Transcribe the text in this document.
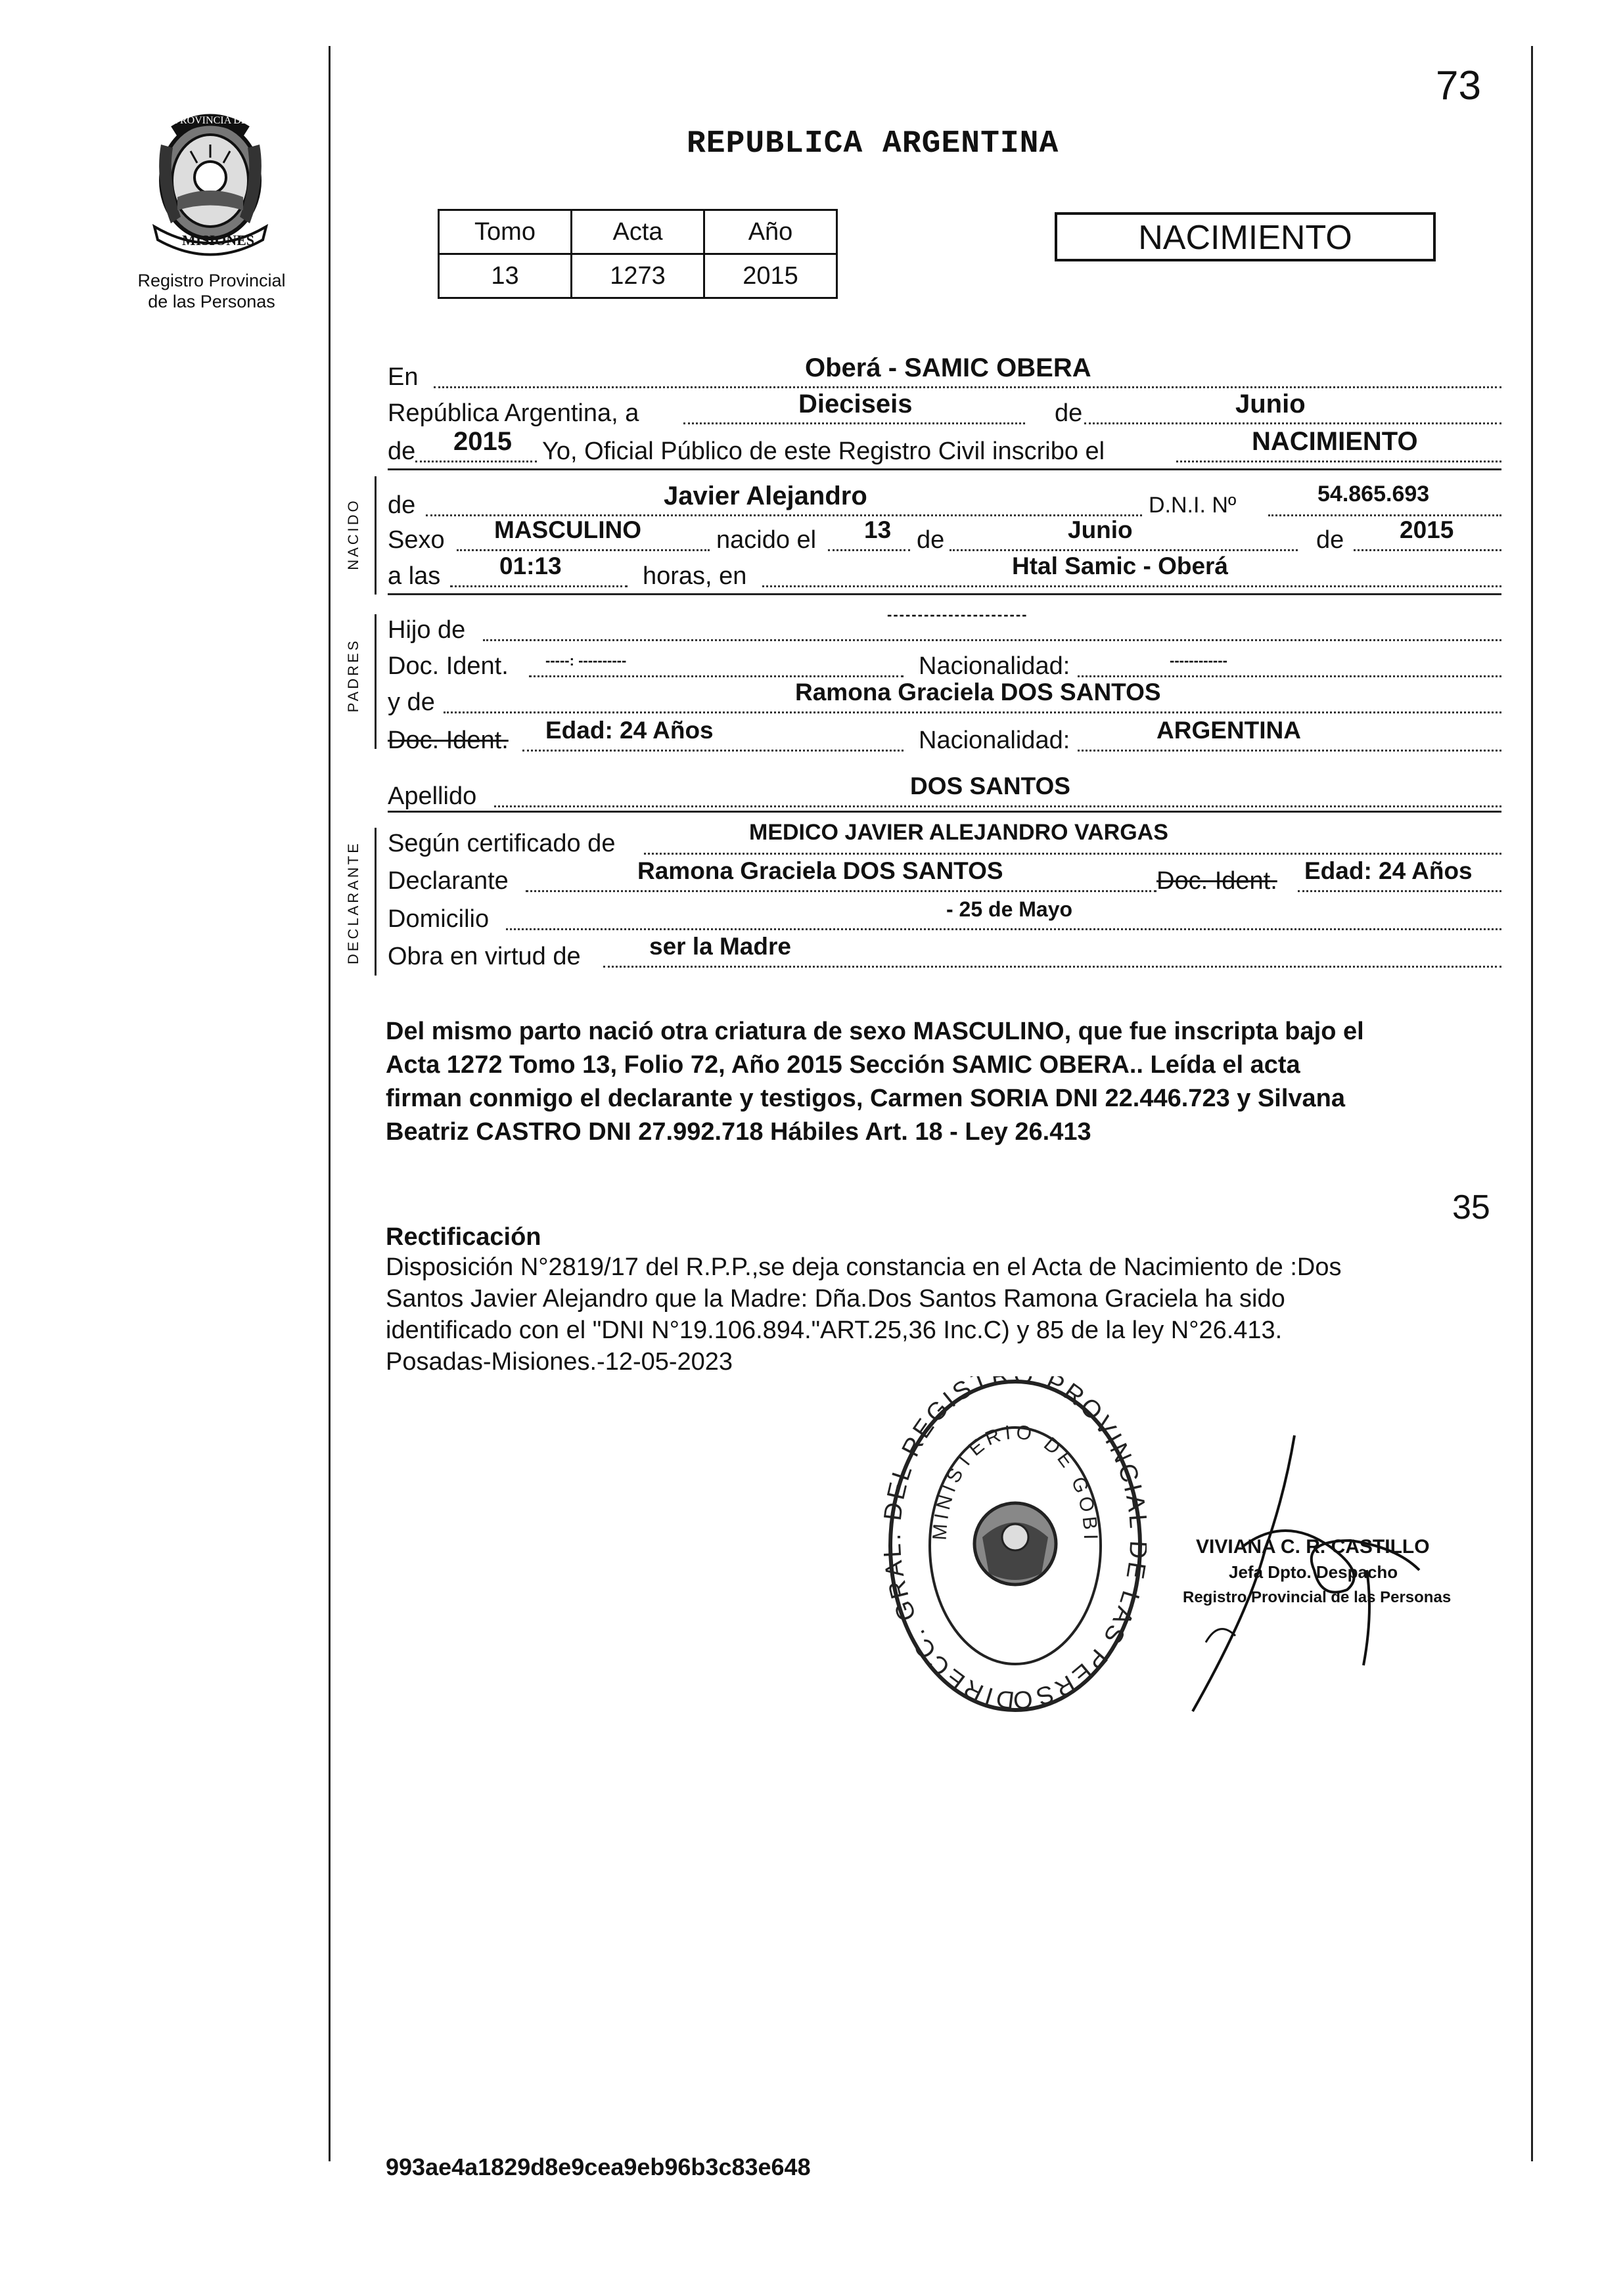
73
PROVINCIA DE
MISIONES
Registro Provincial
de las Personas
REPUBLICA ARGENTINA
Tomo	Acta	Año
13	1273	2015
NACIMIENTO
En	Oberá - SAMIC OBERA
República Argentina, a	Dieciseis	de	Junio
de 2015 Yo, Oficial Público de este Registro Civil inscribo el	NACIMIENTO
NACIDO de	Javier Alejandro	D.N.I. Nº	54.865.693
Sexo MASCULINO	nacido el 13 de	Junio	de 2015
a las 01:13	horas, en	Htal Samic - Oberá
PADRES
Hijo de
-----------------------
Doc. Ident.	-----: ----------	Nacionalidad:	------------
y de	Ramona Graciela DOS SANTOS
Doc. Ident. Edad: 24 Años	Nacionalidad:	ARGENTINA
Apellido	DOS SANTOS
DECLARANTE Según certificado de	MEDICO JAVIER ALEJANDRO VARGAS
Declarante	Ramona Graciela DOS SANTOS	Doc. Ident. Edad: 24 Años
Domicilio	- 25 de Mayo
Obra en virtud de	ser la Madre
Del mismo parto nació otra criatura de sexo MASCULINO, que fue inscripta bajo el
Acta 1272 Tomo 13, Folio 72, Año 2015 Sección SAMIC OBERA.. Leída el acta
firman conmigo el declarante y testigos, Carmen SORIA DNI 22.446.723 y Silvana
Beatriz CASTRO DNI 27.992.718 Hábiles Art. 18 - Ley 26.413
35
Rectificación
Disposición N°2819/17 del R.P.P.,se deja constancia en el Acta de Nacimiento de :Dos
Santos Javier Alejandro que la Madre: Dña.Dos Santos Ramona Graciela ha sido
identificado con el "DNI N°19.106.894."ART.25,36 Inc.C) y 85 de la ley N°26.413.
Posadas-Misiones.-12-05-2023
DIRECC. GR EL REGIST PROVINCI LAS PERSO
MINISTERIO DE GOBI	VIVIANA C. R. CASTILLO
Jefa Dpto. Despacho
Registro Provincial de las Personas
993ae4a1829d8e9cea9eb96b3c83e648
